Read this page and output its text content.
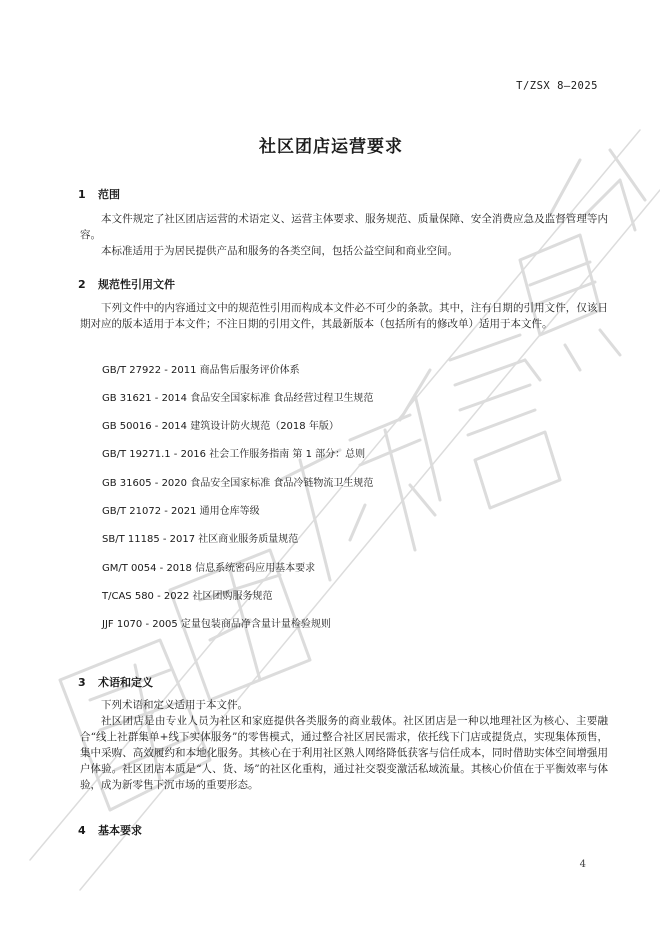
T/ZSX 8—2025
社区团店运营要求
1 范围
本文件规定了社区团店运营的术语定义、运营主体要求、服务规范、质量保障、安全消费应急及监督管理等内容。
本标准适用于为居民提供产品和服务的各类空间，包括公益空间和商业空间。
2 规范性引用文件
下列文件中的内容通过文中的规范性引用而构成本文件必不可少的条款。其中，注有日期的引用文件，仅该日期对应的版本适用于本文件；不注日期的引用文件，其最新版本（包括所有的修改单）适用于本文件。
GB/T 27922 - 2011 商品售后服务评价体系
GB 31621 - 2014 食品安全国家标准 食品经营过程卫生规范
GB 50016 - 2014 建筑设计防火规范（2018 年版）
GB/T 19271.1 - 2016 社会工作服务指南 第 1 部分：总则
GB 31605 - 2020 食品安全国家标准 食品冷链物流卫生规范
GB/T 21072 - 2021 通用仓库等级
SB/T 11185 - 2017 社区商业服务质量规范
GM/T 0054 - 2018 信息系统密码应用基本要求
T/CAS 580 - 2022 社区团购服务规范
JJF 1070 - 2005 定量包装商品净含量计量检验规则
3 术语和定义
下列术语和定义适用于本文件。
社区团店是由专业人员为社区和家庭提供各类服务的商业载体。社区团店是一种以地理社区为核心、主要融合“线上社群集单+线下实体服务”的零售模式，通过整合社区居民需求，依托线下门店或提货点，实现集体预售，集中采购、高效履约和本地化服务。其核心在于利用社区熟人网络降低获客与信任成本，同时借助实体空间增强用户体验。社区团店本质是“人、货、场”的社区化重构，通过社交裂变激活私域流量。其核心价值在于平衡效率与体验，成为新零售下沉市场的重要形态。
4 基本要求
4
